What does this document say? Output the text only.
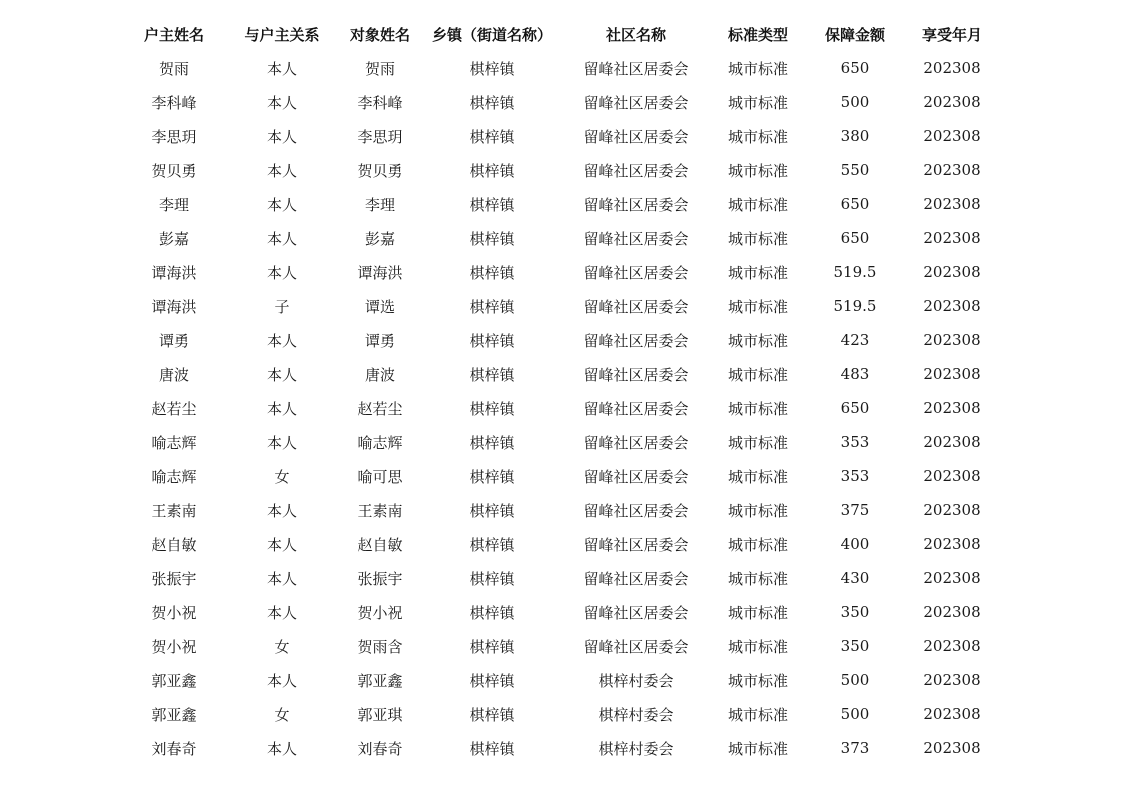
户主姓名	与户主关系	对象姓名	乡镇（街道名称）	社区名称	标准类型	保障金额	享受年月
贺雨	本人	贺雨	棋梓镇	留峰社区居委会	城市标准	650	202308
李科峰	本人	李科峰	棋梓镇	留峰社区居委会	城市标准	500	202308
李思玥	本人	李思玥	棋梓镇	留峰社区居委会	城市标准	380	202308
贺贝勇	本人	贺贝勇	棋梓镇	留峰社区居委会	城市标准	550	202308
李理	本人	李理	棋梓镇	留峰社区居委会	城市标准	650	202308
彭嘉	本人	彭嘉	棋梓镇	留峰社区居委会	城市标准	650	202308
谭海洪	本人	谭海洪	棋梓镇	留峰社区居委会	城市标准	519.5	202308
谭海洪	子	谭选	棋梓镇	留峰社区居委会	城市标准	519.5	202308
谭勇	本人	谭勇	棋梓镇	留峰社区居委会	城市标准	423	202308
唐波	本人	唐波	棋梓镇	留峰社区居委会	城市标准	483	202308
赵若尘	本人	赵若尘	棋梓镇	留峰社区居委会	城市标准	650	202308
喻志辉	本人	喻志辉	棋梓镇	留峰社区居委会	城市标准	353	202308
喻志辉	女	喻可思	棋梓镇	留峰社区居委会	城市标准	353	202308
王素南	本人	王素南	棋梓镇	留峰社区居委会	城市标准	375	202308
赵自敏	本人	赵自敏	棋梓镇	留峰社区居委会	城市标准	400	202308
张振宇	本人	张振宇	棋梓镇	留峰社区居委会	城市标准	430	202308
贺小祝	本人	贺小祝	棋梓镇	留峰社区居委会	城市标准	350	202308
贺小祝	女	贺雨含	棋梓镇	留峰社区居委会	城市标准	350	202308
郭亚鑫	本人	郭亚鑫	棋梓镇	棋梓村委会	城市标准	500	202308
郭亚鑫	女	郭亚琪	棋梓镇	棋梓村委会	城市标准	500	202308
刘春奇	本人	刘春奇	棋梓镇	棋梓村委会	城市标准	373	202308
